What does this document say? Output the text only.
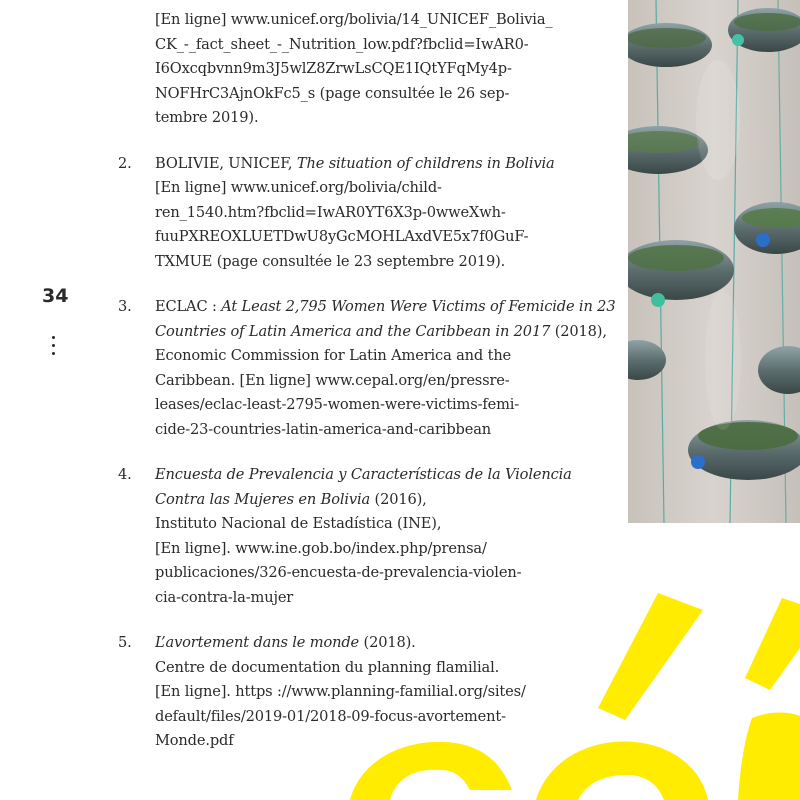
34
[En ligne] www.unicef.org/bolivia/14_UNICEF_Bolivia_
CK_-_fact_sheet_-_Nutrition_low.pdf?fbclid=IwAR0-
I6Oxcqbvnn9m3J5wlZ8ZrwLsCQE1IQtYFqMy4p-
NOFHrC3AjnOkFc5_s (page consultée le 26 sep-
tembre 2019).
2. BOLIVIE, UNICEF, The situation of childrens in Bolivia
[En ligne] www.unicef.org/bolivia/child-
ren_1540.htm?fbclid=IwAR0YT6X3p-0wweXwh-
fuuPXREOXLUETDwU8yGcMOHLAxdVE5x7f0GuF-
TXMUE (page consultée le 23 septembre 2019).
3. ECLAC : At Least 2,795 Women Were Victims of Femicide in 23
Countries of Latin America and the Caribbean in 2017 (2018),
Economic Commission for Latin America and the
Caribbean. [En ligne] www.cepal.org/en/pressre-
leases/eclac-least-2795-women-were-victims-femi-
cide-23-countries-latin-america-and-caribbean
4. Encuesta de Prevalencia y Características de la Violencia
Contra las Mujeres en Bolivia (2016),
Instituto Nacional de Estadística (INE),
[En ligne]. www.ine.gob.bo/index.php/prensa/
publicaciones/326-encuesta-de-prevalencia-violen-
cia-contra-la-mujer
5. L’avortement dans le monde (2018).
Centre de documentation du planning flamilial.
[En ligne]. https ://www.planning-familial.org/sites/
default/files/2019-01/2018-09-focus-avortement-
Monde.pdf
